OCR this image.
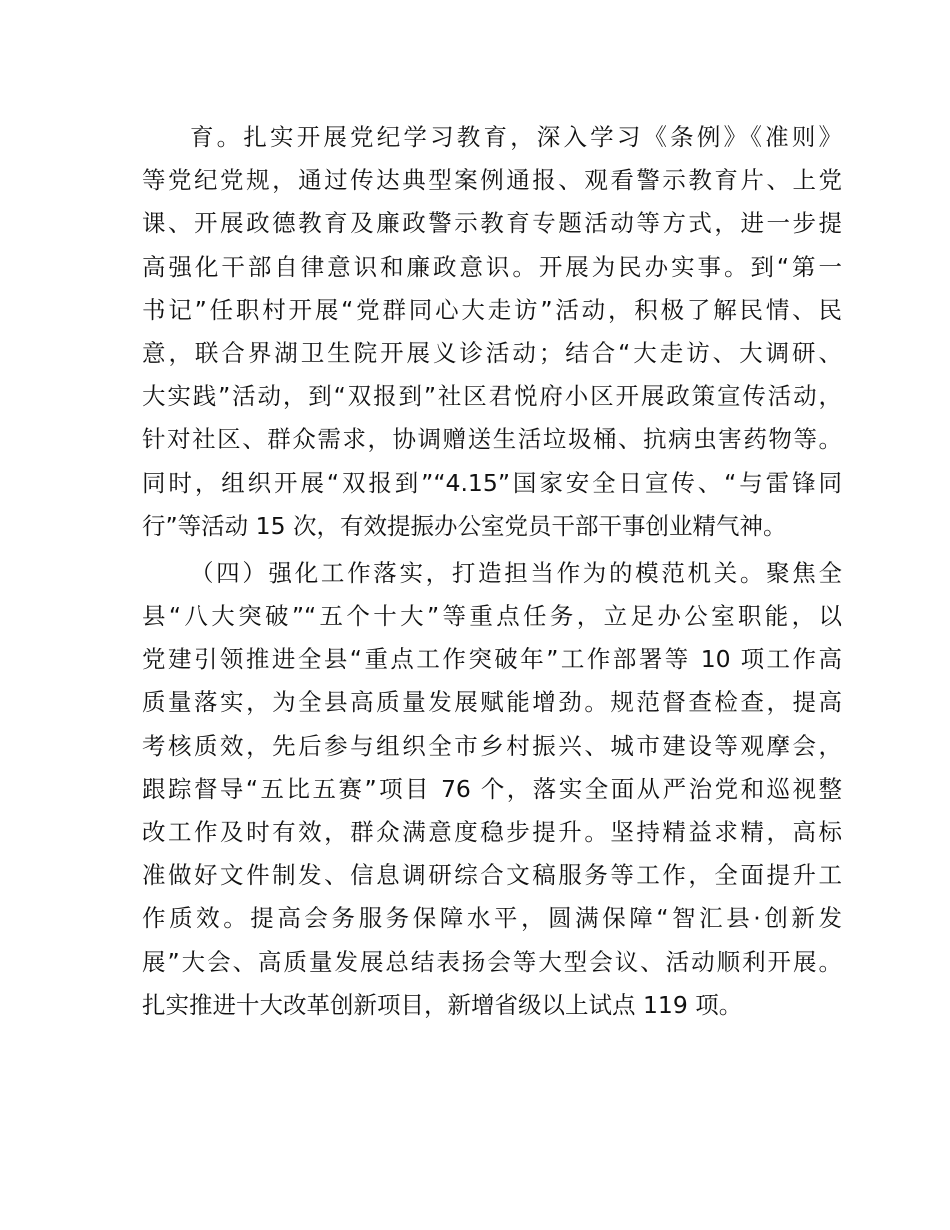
育。扎实开展党纪学习教育，深入学习《条例》《准则》
等党纪党规，通过传达典型案例通报、观看警示教育片、上党
课、开展政德教育及廉政警示教育专题活动等方式，进一步提
高强化干部自律意识和廉政意识。开展为民办实事。到“第一
书记”任职村开展“党群同心大走访”活动，积极了解民情、民
意，联合界湖卫生院开展义诊活动；结合“大走访、大调研、
大实践”活动，到“双报到”社区君悦府小区开展政策宣传活动，
针对社区、群众需求，协调赠送生活垃圾桶、抗病虫害药物等。
同时，组织开展“双报到”“4.15”国家安全日宣传、“与雷锋同
行”等活动 15 次，有效提振办公室党员干部干事创业精气神。
（四）强化工作落实，打造担当作为的模范机关。聚焦全
县“八大突破”“五个十大”等重点任务，立足办公室职能，以
党建引领推进全县“重点工作突破年”工作部署等 10 项工作高
质量落实，为全县高质量发展赋能增劲。规范督查检查，提高
考核质效，先后参与组织全市乡村振兴、城市建设等观摩会，
跟踪督导“五比五赛”项目 76 个，落实全面从严治党和巡视整
改工作及时有效，群众满意度稳步提升。坚持精益求精，高标
准做好文件制发、信息调研综合文稿服务等工作，全面提升工
作质效。提高会务服务保障水平，圆满保障“智汇县·创新发
展”大会、高质量发展总结表扬会等大型会议、活动顺利开展。
扎实推进十大改革创新项目，新增省级以上试点 119 项。
